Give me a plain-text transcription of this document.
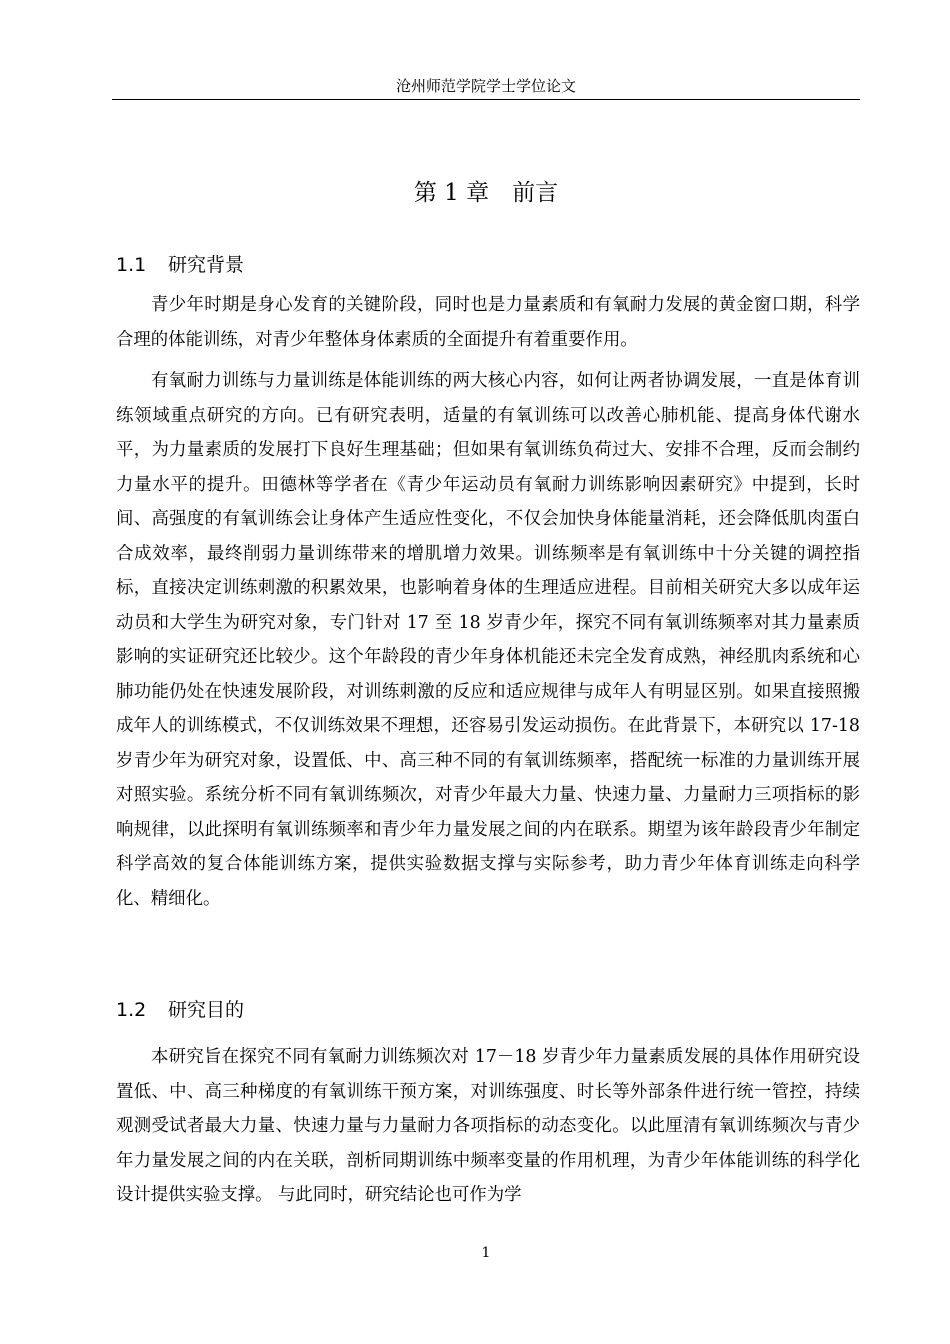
沧州师范学院学士学位论文
第 1 章　前言
1.1 研究背景

青少年时期是身心发育的关键阶段，同时也是力量素质和有氧耐力发展的黄金窗口期，科学合理的体能训练，对青少年整体身体素质的全面提升有着重要作用。

有氧耐力训练与力量训练是体能训练的两大核心内容，如何让两者协调发展，一直是体育训练领域重点研究的方向。已有研究表明，适量的有氧训练可以改善心肺机能、提高身体代谢水平，为力量素质的发展打下良好生理基础；但如果有氧训练负荷过大、安排不合理，反而会制约力量水平的提升。田德林等学者在《青少年运动员有氧耐力训练影响因素研究》中提到，长时间、高强度的有氧训练会让身体产生适应性变化，不仅会加快身体能量消耗，还会降低肌肉蛋白合成效率，最终削弱力量训练带来的增肌增力效果。训练频率是有氧训练中十分关键的调控指标，直接决定训练刺激的积累效果，也影响着身体的生理适应进程。目前相关研究大多以成年运动员和大学生为研究对象，专门针对 17 至 18 岁青少年，探究不同有氧训练频率对其力量素质影响的实证研究还比较少。这个年龄段的青少年身体机能还未完全发育成熟，神经肌肉系统和心肺功能仍处在快速发展阶段，对训练刺激的反应和适应规律与成年人有明显区别。如果直接照搬成年人的训练模式，不仅训练效果不理想，还容易引发运动损伤。在此背景下，本研究以 17-18 岁青少年为研究对象，设置低、中、高三种不同的有氧训练频率，搭配统一标准的力量训练开展对照实验。系统分析不同有氧训练频次，对青少年最大力量、快速力量、力量耐力三项指标的影响规律，以此探明有氧训练频率和青少年力量发展之间的内在联系。期望为该年龄段青少年制定科学高效的复合体能训练方案，提供实验数据支撑与实际参考，助力青少年体育训练走向科学化、精细化。

1.2 研究目的

本研究旨在探究不同有氧耐力训练频次对 17－18 岁青少年力量素质发展的具体作用研究设置低、中、高三种梯度的有氧训练干预方案，对训练强度、时长等外部条件进行统一管控，持续观测受试者最大力量、快速力量与力量耐力各项指标的动态变化。以此厘清有氧训练频次与青少年力量发展之间的内在关联，剖析同期训练中频率变量的作用机理，为青少年体能训练的科学化设计提供实验支撑。 与此同时，研究结论也可作为学

1
